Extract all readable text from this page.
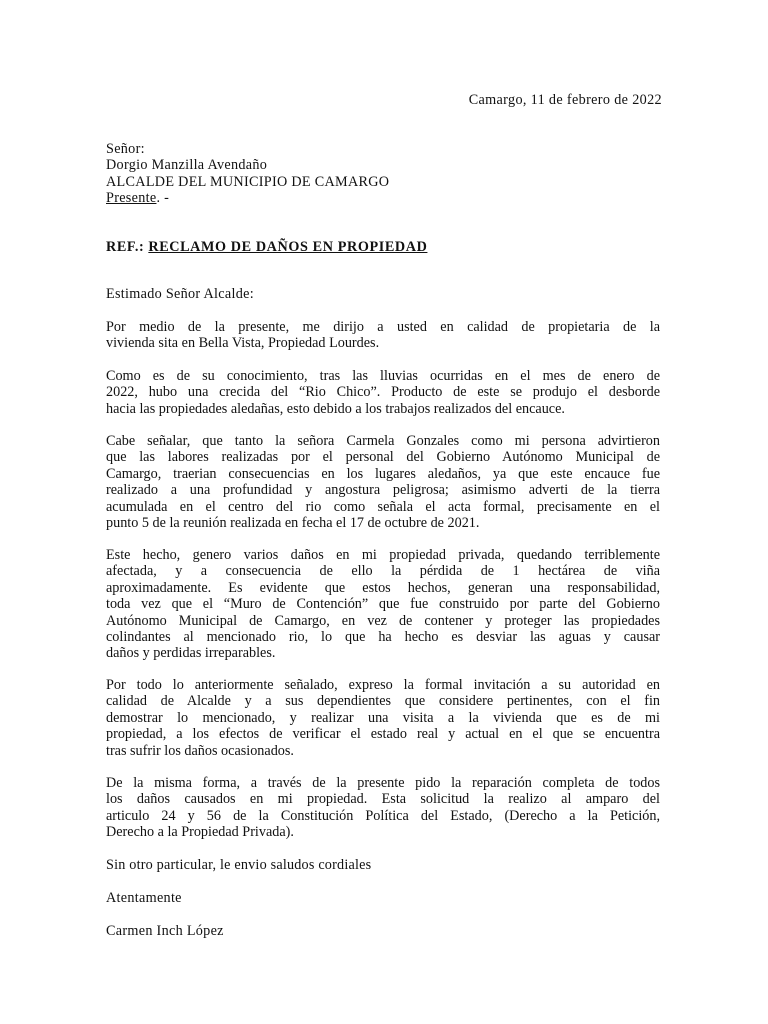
Camargo, 11 de febrero de 2022
Señor:
Dorgio Manzilla Avendaño
ALCALDE DEL MUNICIPIO DE CAMARGO
Presente. -
REF.: RECLAMO DE DAÑOS EN PROPIEDAD
Estimado Señor Alcalde:
Por medio de la presente, me dirijo a usted en calidad de propietaria de la
vivienda sita en Bella Vista, Propiedad Lourdes.
Como es de su conocimiento, tras las lluvias ocurridas en el mes de enero de
2022, hubo una crecida del “Rio Chico”. Producto de este se produjo el desborde
hacia las propiedades aledañas, esto debido a los trabajos realizados del encauce.
Cabe señalar, que tanto la señora Carmela Gonzales como mi persona advirtieron
que las labores realizadas por el personal del Gobierno Autónomo Municipal de
Camargo, traerian consecuencias en los lugares aledaños, ya que este encauce fue
realizado a una profundidad y angostura peligrosa; asimismo adverti de la tierra
acumulada en el centro del rio como señala el acta formal, precisamente en el
punto 5 de la reunión realizada en fecha el 17 de octubre de 2021.
Este hecho, genero varios daños en mi propiedad privada, quedando terriblemente
afectada, y a consecuencia de ello la pérdida de 1 hectárea de viña
aproximadamente. Es evidente que estos hechos, generan una responsabilidad,
toda vez que el “Muro de Contención” que fue construido por parte del Gobierno
Autónomo Municipal de Camargo, en vez de contener y proteger las propiedades
colindantes al mencionado rio, lo que ha hecho es desviar las aguas y causar
daños y perdidas irreparables.
Por todo lo anteriormente señalado, expreso la formal invitación a su autoridad en
calidad de Alcalde y a sus dependientes que considere pertinentes, con el fin
demostrar lo mencionado, y realizar una visita a la vivienda que es de mi
propiedad, a los efectos de verificar el estado real y actual en el que se encuentra
tras sufrir los daños ocasionados.
De la misma forma, a través de la presente pido la reparación completa de todos
los daños causados en mi propiedad. Esta solicitud la realizo al amparo del
articulo 24 y 56 de la Constitución Política del Estado, (Derecho a la Petición,
Derecho a la Propiedad Privada).
Sin otro particular, le envio saludos cordiales
Atentamente
Carmen Inch López
